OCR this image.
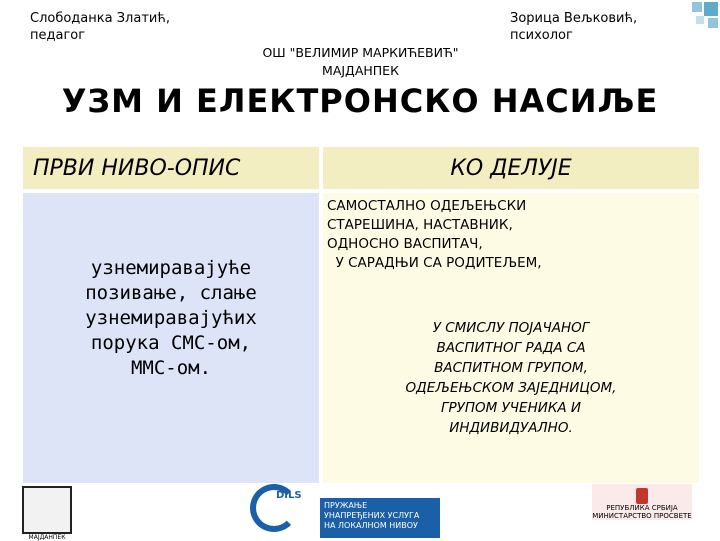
Слободанка Златић,
педагог
ОШ "ВЕЛИМИР МАРКИЋЕВИЋ"
МАЈДАНПЕК
Зорица Вељковић,
психолог
УЗМ И ЕЛЕКТРОНСКО НАСИЉЕ
ПРВИ НИВО-ОПИС	КО ДЕЛУЈЕ
узнемиравајуће
позивање, слање
узнемиравајућих
порука СМС-ом,
ММС-ом.
САМОСТАЛНО ОДЕЉЕЊСКИ
СТАРЕШИНА, НАСТАВНИК,
ОДНОСНО ВАСПИТАЧ,
У САРАДЊИ СА РОДИТЕЉЕМ,
У СМИСЛУ ПОЈАЧАНОГ
ВАСПИТНОГ РАДА СА
ВАСПИТНОМ ГРУПОМ,
ОДЕЉЕЊСКОМ ЗАЈЕДНИЦОМ,
ГРУПОМ УЧЕНИКА И
ИНДИВИДУАЛНО.
МАЈДАНПЕК
DILS
ПРУЖАЊЕ
УНАПРЕЂЕНИХ УСЛУГА
НА ЛОКАЛНОМ НИВОУ
РЕПУБЛИКА СРБИЈА
МИНИСТАРСТВО ПРОСВЕТЕ
